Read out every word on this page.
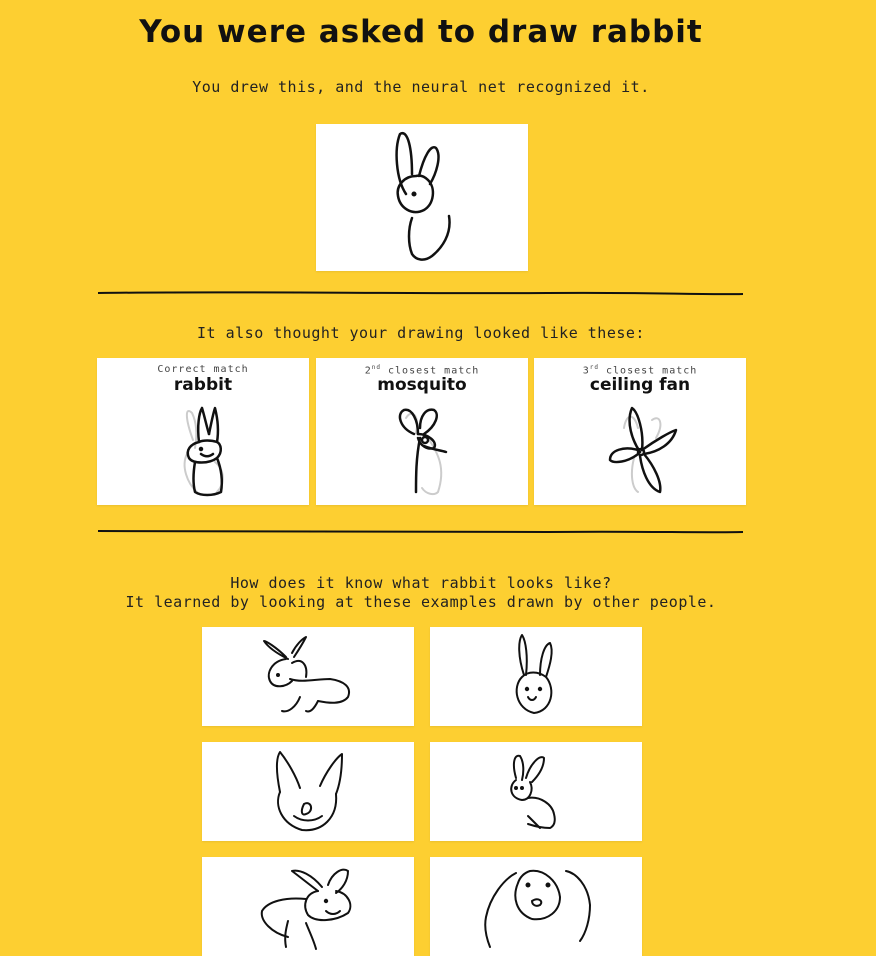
You were asked to draw rabbit
You drew this, and the neural net recognized it.
It also thought your drawing looked like these:
Correct match
rabbit
2nd closest match
mosquito
3rd closest match
ceiling fan
How does it know what rabbit looks like?
It learned by looking at these examples drawn by other people.
